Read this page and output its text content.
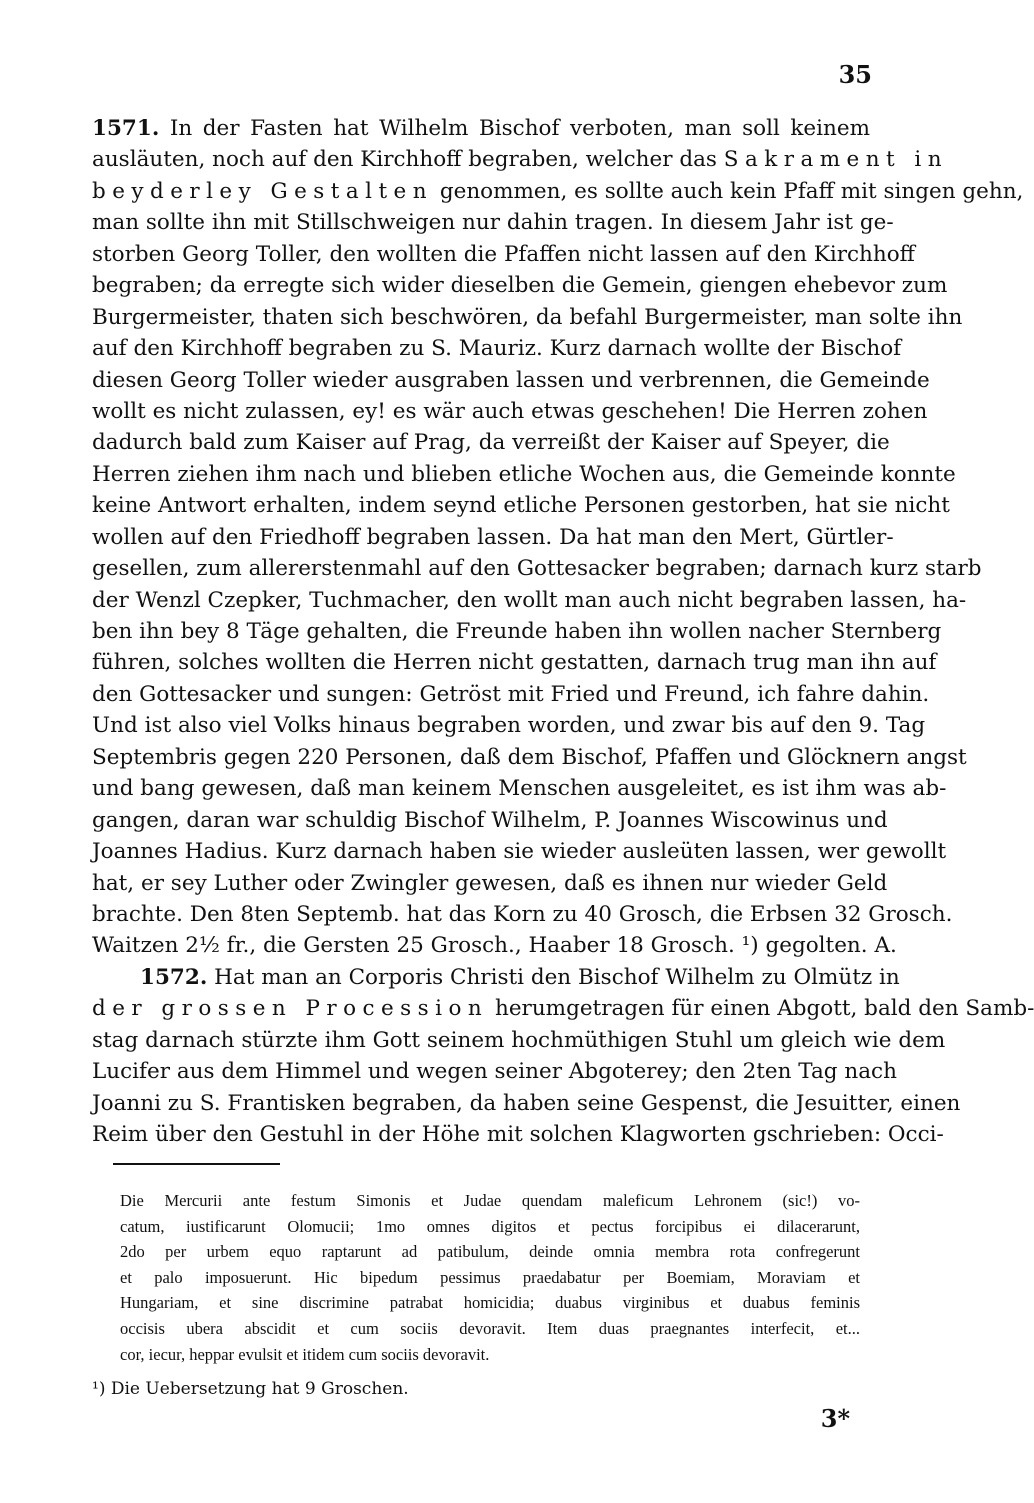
35
1571. In der Fasten hat Wilhelm Bischof verboten, man soll keinem
ausläuten, noch auf den Kirchhoff begraben, welcher das Sakrament in
beyderley Gestalten genommen, es sollte auch kein Pfaff mit singen gehn,
man sollte ihn mit Stillschweigen nur dahin tragen. In diesem Jahr ist ge-
storben Georg Toller, den wollten die Pfaffen nicht lassen auf den Kirchhoff
begraben; da erregte sich wider dieselben die Gemein, giengen ehebevor zum
Burgermeister, thaten sich beschwören, da befahl Burgermeister, man solte ihn
auf den Kirchhoff begraben zu S. Mauriz. Kurz darnach wollte der Bischof
diesen Georg Toller wieder ausgraben lassen und verbrennen, die Gemeinde
wollt es nicht zulassen, ey! es wär auch etwas geschehen! Die Herren zohen
dadurch bald zum Kaiser auf Prag, da verreißt der Kaiser auf Speyer, die
Herren ziehen ihm nach und blieben etliche Wochen aus, die Gemeinde konnte
keine Antwort erhalten, indem seynd etliche Personen gestorben, hat sie nicht
wollen auf den Friedhoff begraben lassen. Da hat man den Mert, Gürtler-
gesellen, zum allererstenmahl auf den Gottesacker begraben; darnach kurz starb
der Wenzl Czepker, Tuchmacher, den wollt man auch nicht begraben lassen, ha-
ben ihn bey 8 Täge gehalten, die Freunde haben ihn wollen nacher Sternberg
führen, solches wollten die Herren nicht gestatten, darnach trug man ihn auf
den Gottesacker und sungen: Getröst mit Fried und Freund, ich fahre dahin.
Und ist also viel Volks hinaus begraben worden, und zwar bis auf den 9. Tag
Septembris gegen 220 Personen, daß dem Bischof, Pfaffen und Glöcknern angst
und bang gewesen, daß man keinem Menschen ausgeleitet, es ist ihm was ab-
gangen, daran war schuldig Bischof Wilhelm, P. Joannes Wiscowinus und
Joannes Hadius. Kurz darnach haben sie wieder ausleüten lassen, wer gewollt
hat, er sey Luther oder Zwingler gewesen, daß es ihnen nur wieder Geld
brachte. Den 8ten Septemb. hat das Korn zu 40 Grosch, die Erbsen 32 Grosch.
Waitzen 2½ fr., die Gersten 25 Grosch., Haaber 18 Grosch. ¹) gegolten. A.
1572. Hat man an Corporis Christi den Bischof Wilhelm zu Olmütz in
der grossen Procession herumgetragen für einen Abgott, bald den Samb-
stag darnach stürzte ihm Gott seinem hochmüthigen Stuhl um gleich wie dem
Lucifer aus dem Himmel und wegen seiner Abgoterey; den 2ten Tag nach
Joanni zu S. Frantisken begraben, da haben seine Gespenst, die Jesuitter, einen
Reim über den Gestuhl in der Höhe mit solchen Klagworten gschrieben: Occi-
Die Mercurii ante festum Simonis et Judae quendam maleficum Lehronem (sic!) vo-
catum, iustificarunt Olomucii; 1mo omnes digitos et pectus forcipibus ei dilacerarunt,
2do per urbem equo raptarunt ad patibulum, deinde omnia membra rota confregerunt
et palo imposuerunt. Hic bipedum pessimus praedabatur per Boemiam, Moraviam et
Hungariam, et sine discrimine patrabat homicidia; duabus virginibus et duabus feminis
occisis ubera abscidit et cum sociis devoravit. Item duas praegnantes interfecit, et...
cor, iecur, heppar evulsit et itidem cum sociis devoravit.
¹) Die Uebersetzung hat 9 Groschen.
3*
